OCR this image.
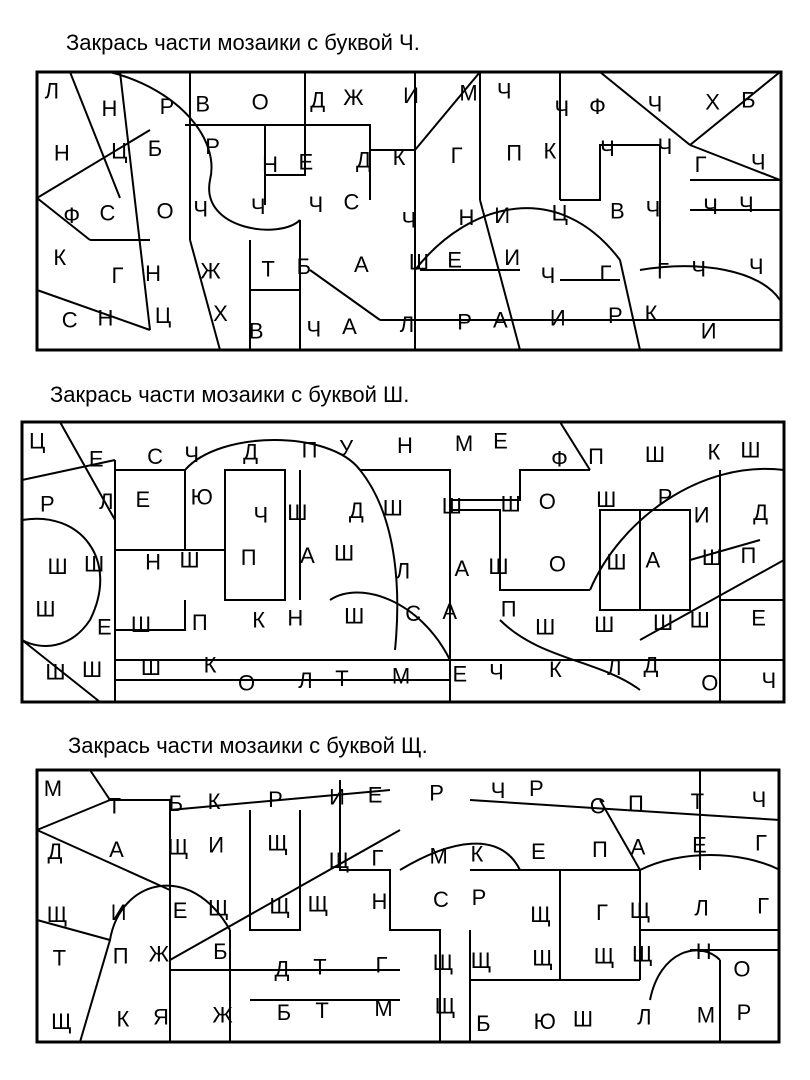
Закрась части мозаики с буквой Ч.
Закрась части мозаики с буквой Ш.
Закрась части мозаики с буквой Щ.
Л
Н Р В О Д Ж И М Ч
Ч Ф Ч Х Б
Н Ц Б Р
Н Е Д К Г П К Ч Ч
Г Ч
Ф С О Ч Ч Ч С
Ч Н И Ц В Ч Ч Ч
К
Г Н Ж Т Б А Ш Е И
Ч Г Г Ч Ч
С Н Ц Х
В Ч А Л Р А И Р К
И
Ц
Е С Ч Д П У Н М Е
Ф П Ш К Ш
Р Л Е Ю
Ч Ш Д Ш Ш Ш О Ш Р
И Д
Ш Ш Н Ш П А Ш
Л А Ш О Ш А Ш П
Ш
Е Ш П К Н Ш С А П
Ш Ш Ш Ш Е
Ш Ш Ш К
О Л Т М Е Ч К Л Д
О Ч
М
Т Б К Р И Е Р Ч Р
С П Т Ч
Д А Щ И Щ
Щ Г М К Е П А Е Г
Щ И Е Щ Щ Щ Н С Р
Щ Г Щ Л Г
Т П Ж Б
Д Т Г Щ Щ Щ Щ Щ Н
О
Щ К Я Ж Б Т М Щ
Б Ю Ш Л М Р
